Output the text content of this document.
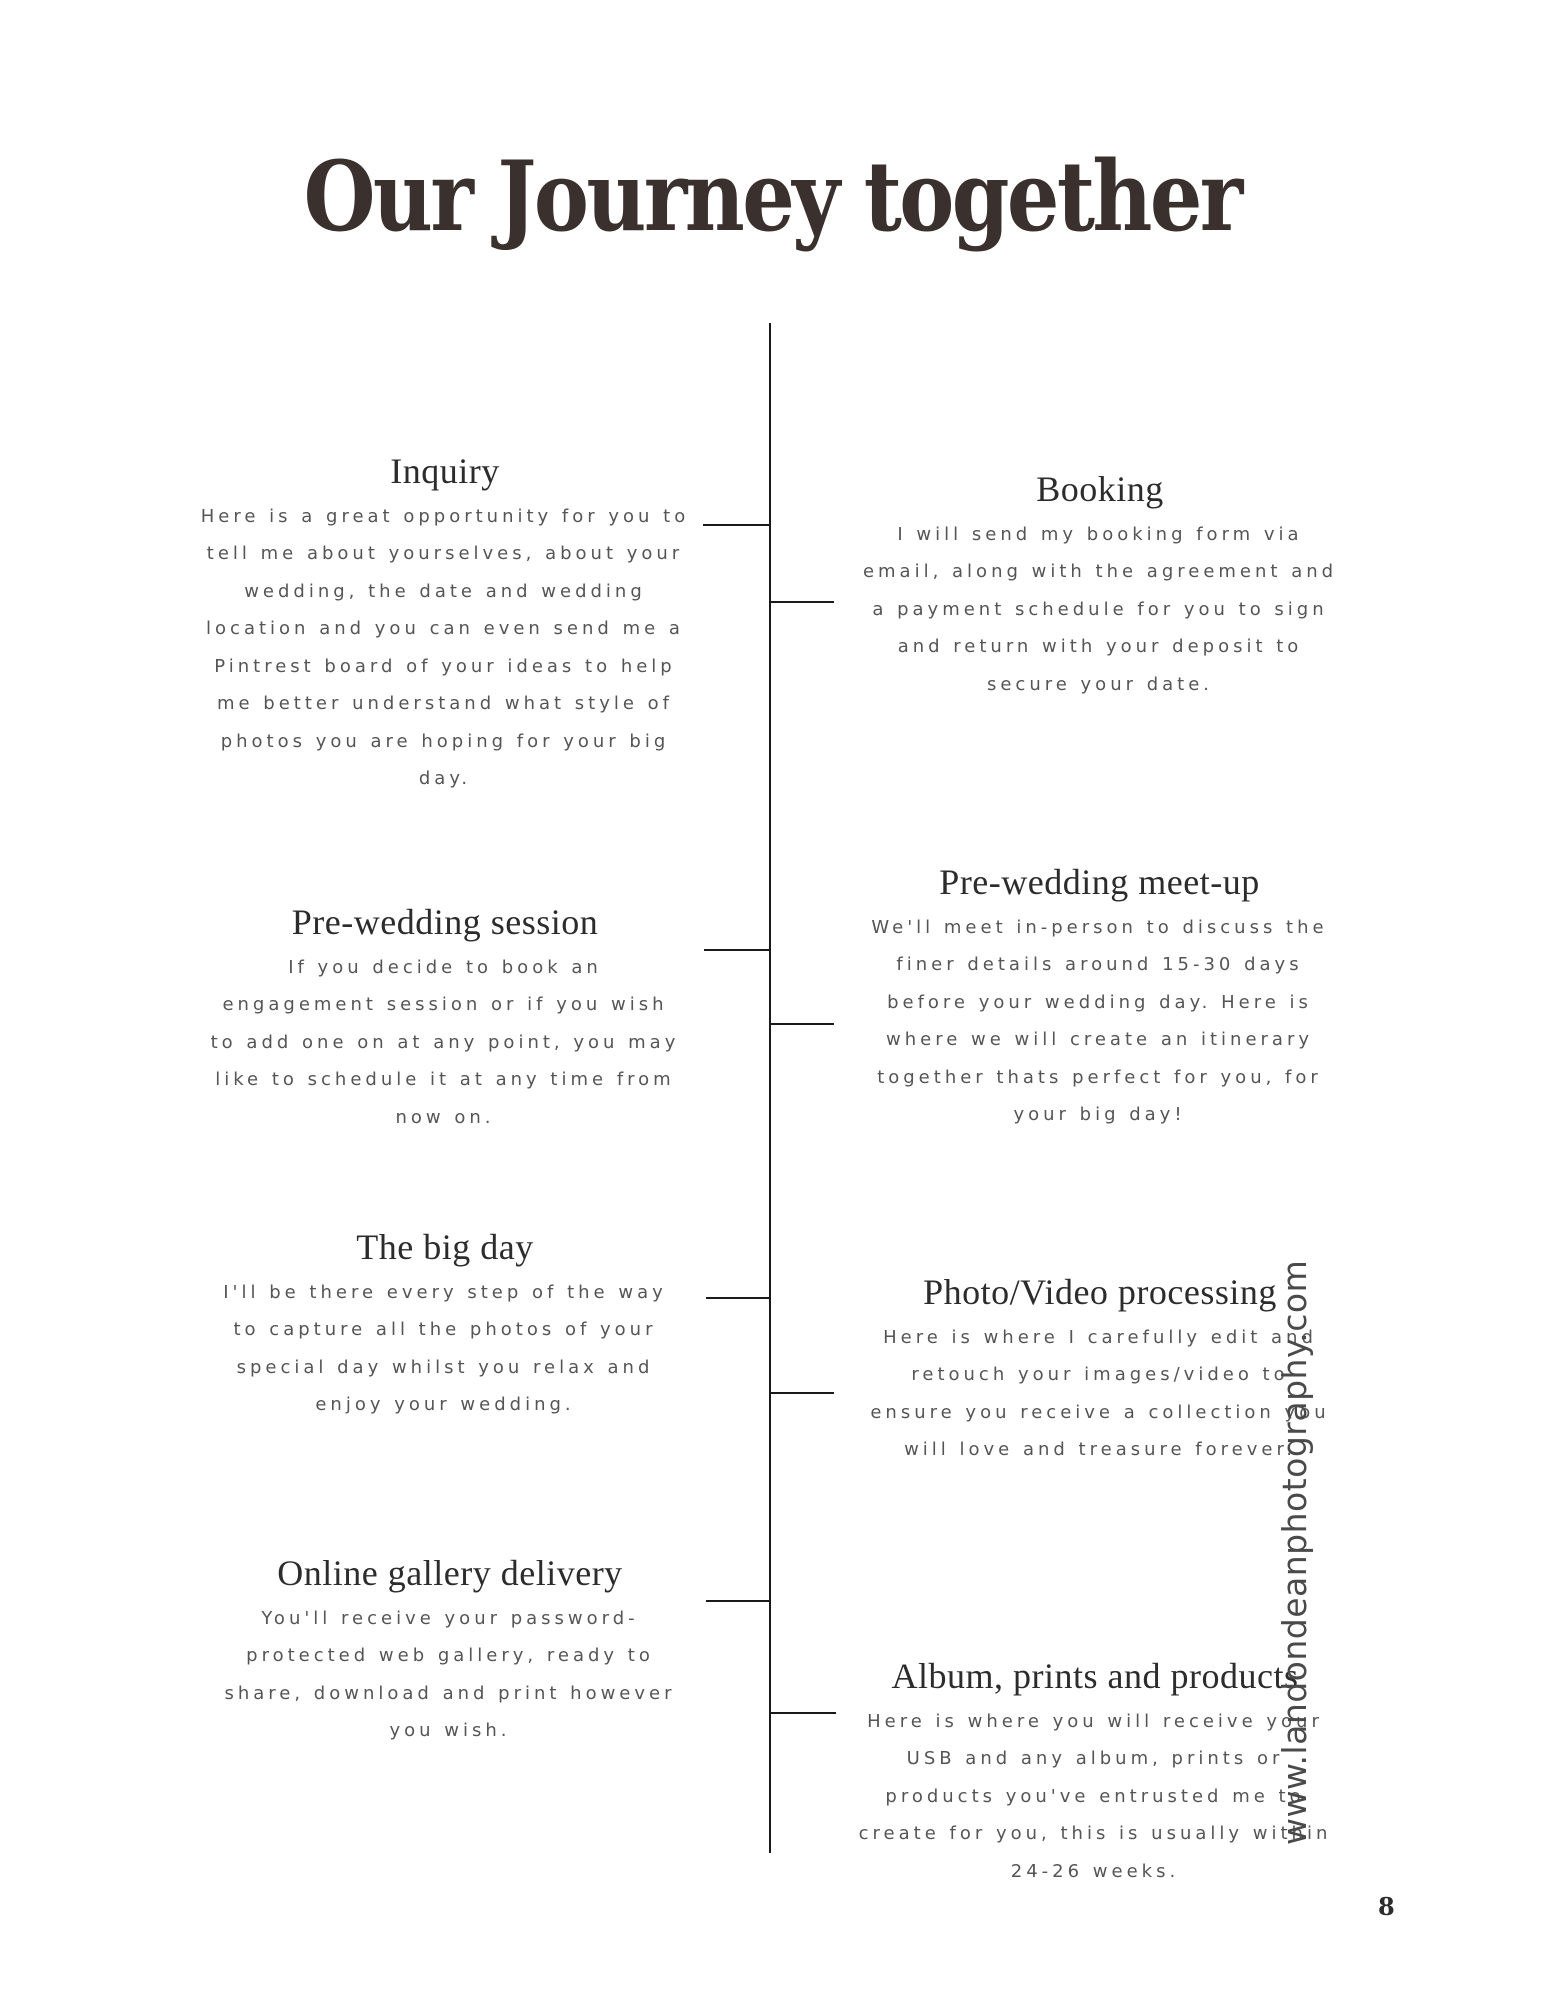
Our Journey together
Inquiry

Here is a great opportunity for you to tell me about yourselves, about your wedding, the date and wedding location and you can even send me a Pintrest board of your ideas to help me better understand what style of photos you are hoping for your big day.

Booking

I will send my booking form via email, along with the agreement and a payment schedule for you to sign and return with your deposit to secure your date.

Pre-wedding session

If you decide to book an engagement session or if you wish to add one on at any point, you may like to schedule it at any time from now on.

Pre-wedding meet-up

We'll meet in-person to discuss the finer details around 15-30 days before your wedding day. Here is where we will create an itinerary together thats perfect for you, for your big day!

The big day

I'll be there every step of the way to capture all the photos of your special day whilst you relax and enjoy your wedding.

Photo/Video processing

Here is where I carefully edit and retouch your images/video to ensure you receive a collection you will love and treasure forever.

Online gallery delivery

You'll receive your password-protected web gallery, ready to share, download and print however you wish.

Album, prints and products

Here is where you will receive your USB and any album, prints or products you've entrusted me to create for you, this is usually within 24-26 weeks.

www.landondeanphotography.com
8
